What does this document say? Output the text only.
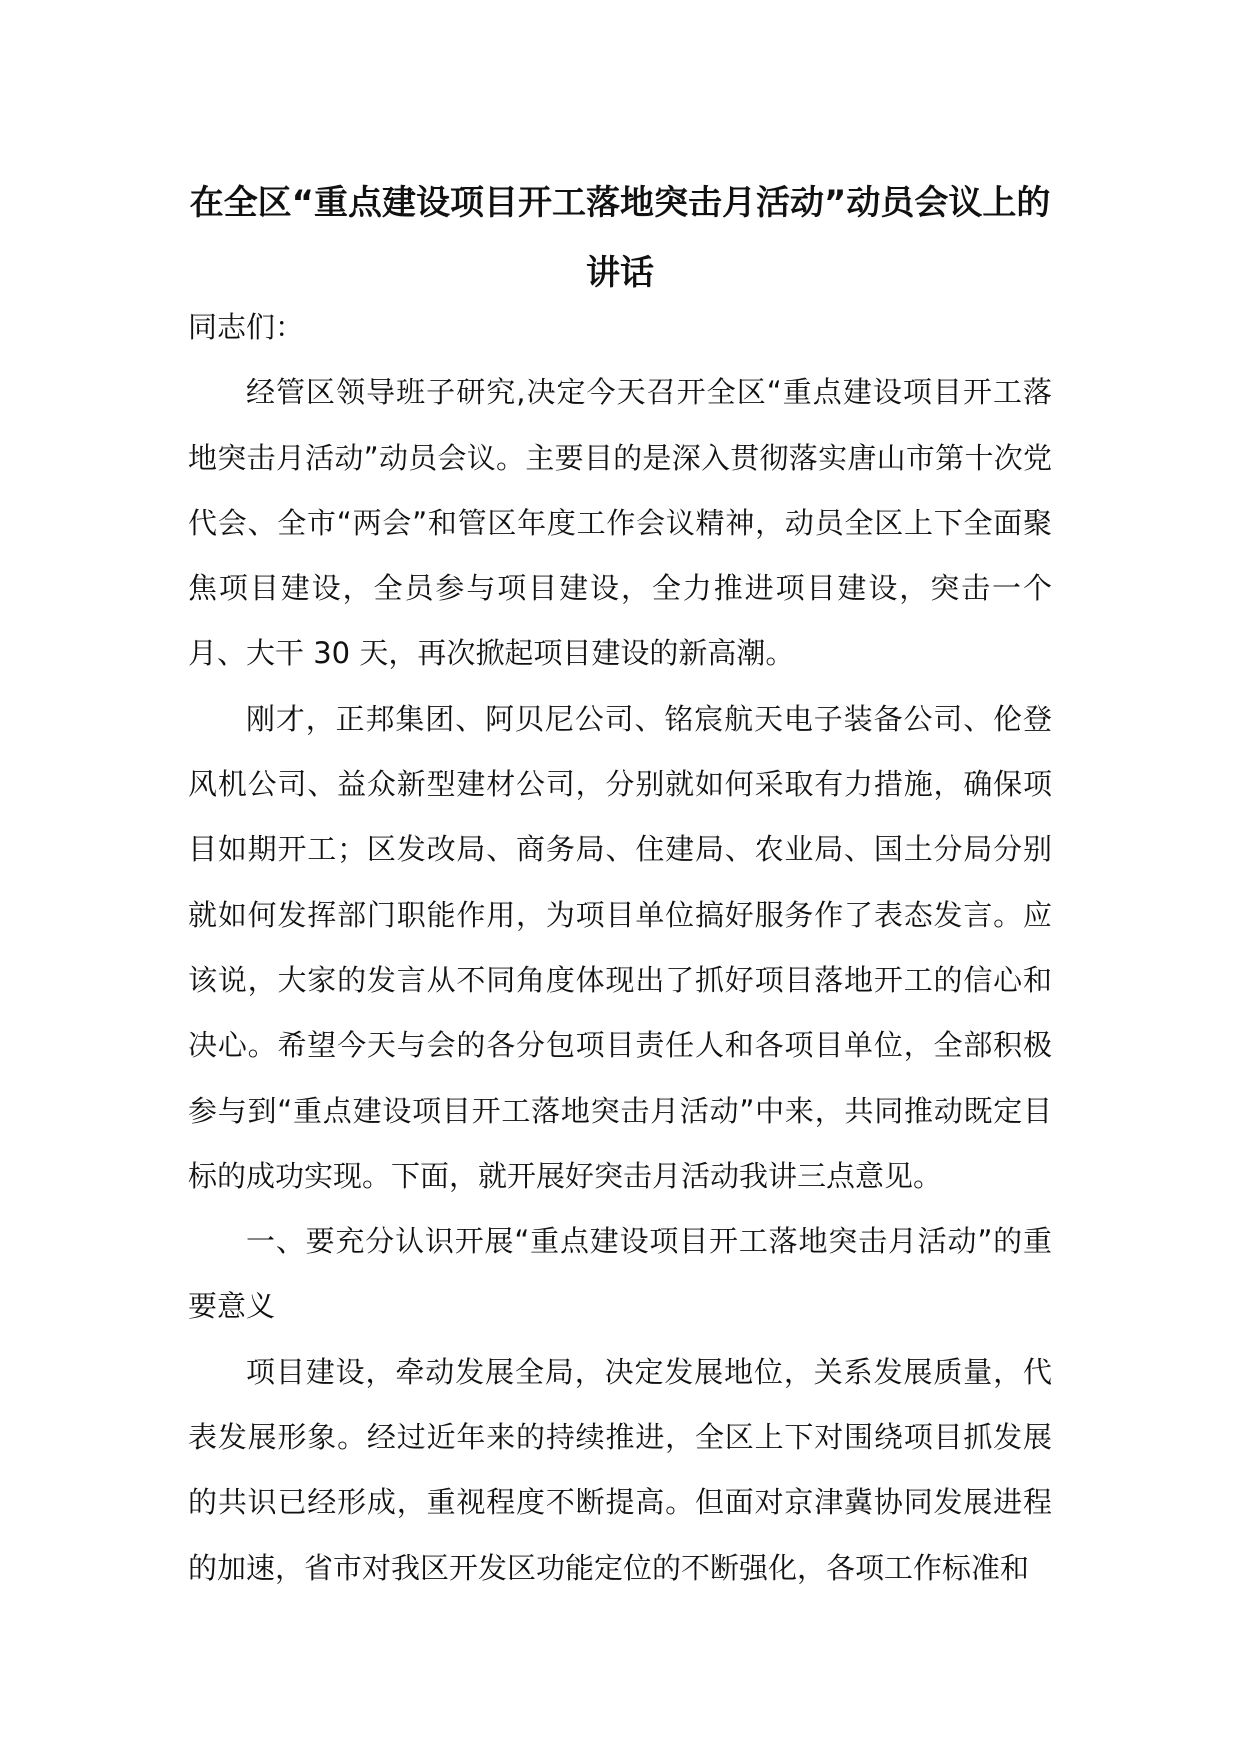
在全区“重点建设项目开工落地突击月活动”动员会议上的讲话

同志们：

经管区领导班子研究,决定今天召开全区“重点建设项目开工落地突击月活动”动员会议。主要目的是深入贯彻落实唐山市第十次党代会、全市“两会”和管区年度工作会议精神，动员全区上下全面聚焦项目建设，全员参与项目建设，全力推进项目建设，突击一个月、大干 30 天，再次掀起项目建设的新高潮。

刚才，正邦集团、阿贝尼公司、铭宸航天电子装备公司、伦登风机公司、益众新型建材公司，分别就如何采取有力措施，确保项目如期开工；区发改局、商务局、住建局、农业局、国土分局分别就如何发挥部门职能作用，为项目单位搞好服务作了表态发言。应该说，大家的发言从不同角度体现出了抓好项目落地开工的信心和决心。希望今天与会的各分包项目责任人和各项目单位，全部积极参与到“重点建设项目开工落地突击月活动”中来，共同推动既定目标的成功实现。下面，就开展好突击月活动我讲三点意见。

一、要充分认识开展“重点建设项目开工落地突击月活动”的重要意义

项目建设，牵动发展全局，决定发展地位，关系发展质量，代表发展形象。经过近年来的持续推进，全区上下对围绕项目抓发展的共识已经形成，重视程度不断提高。但面对京津冀协同发展进程的加速，省市对我区开发区功能定位的不断强化，各项工作标准和
